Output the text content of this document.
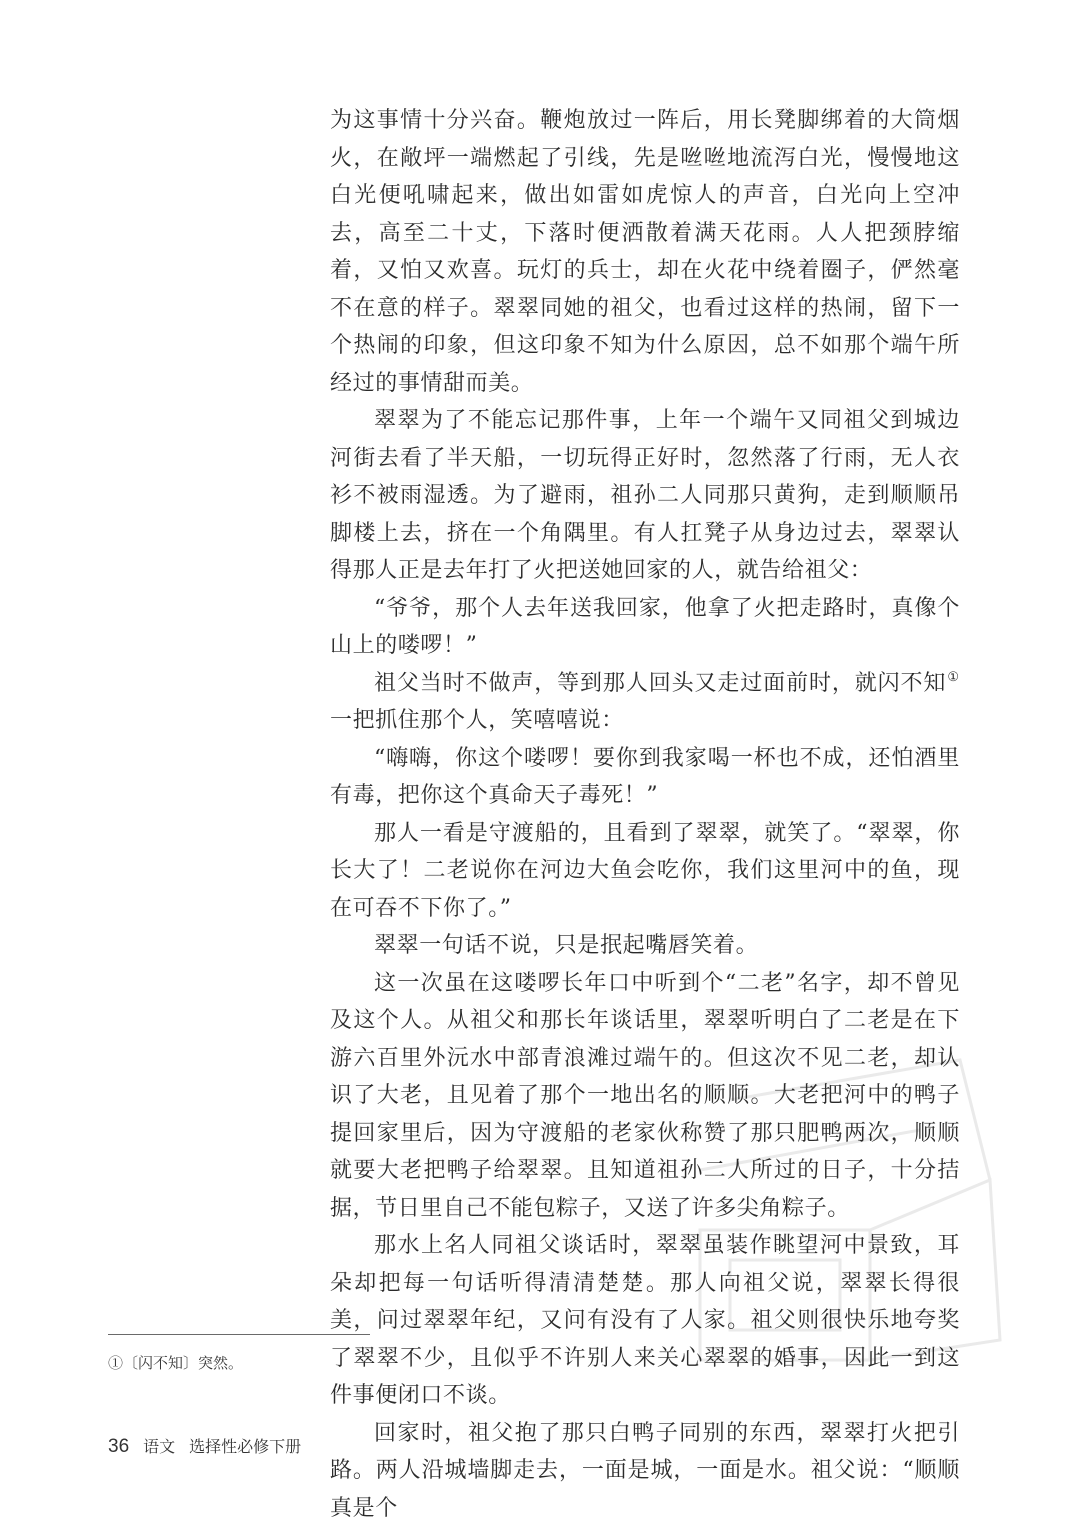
为这事情十分兴奋。鞭炮放过一阵后，用长凳脚绑着的大筒烟火，在敞坪一端燃起了引线，先是咝咝地流泻白光，慢慢地这白光便吼啸起来，做出如雷如虎惊人的声音，白光向上空冲去，高至二十丈，下落时便洒散着满天花雨。人人把颈脖缩着，又怕又欢喜。玩灯的兵士，却在火花中绕着圈子，俨然毫不在意的样子。翠翠同她的祖父，也看过这样的热闹，留下一个热闹的印象，但这印象不知为什么原因，总不如那个端午所经过的事情甜而美。

翠翠为了不能忘记那件事，上年一个端午又同祖父到城边河街去看了半天船，一切玩得正好时，忽然落了行雨，无人衣衫不被雨湿透。为了避雨，祖孙二人同那只黄狗，走到顺顺吊脚楼上去，挤在一个角隅里。有人扛凳子从身边过去，翠翠认得那人正是去年打了火把送她回家的人，就告给祖父：

“爷爷，那个人去年送我回家，他拿了火把走路时，真像个山上的喽啰！”

祖父当时不做声，等到那人回头又走过面前时，就闪不知①一把抓住那个人，笑嘻嘻说：

“嗨嗨，你这个喽啰！要你到我家喝一杯也不成，还怕酒里有毒，把你这个真命天子毒死！”

那人一看是守渡船的，且看到了翠翠，就笑了。“翠翠，你长大了！二老说你在河边大鱼会吃你，我们这里河中的鱼，现在可吞不下你了。”

翠翠一句话不说，只是抿起嘴唇笑着。

这一次虽在这喽啰长年口中听到个“二老”名字，却不曾见及这个人。从祖父和那长年谈话里，翠翠听明白了二老是在下游六百里外沅水中部青浪滩过端午的。但这次不见二老，却认识了大老，且见着了那个一地出名的顺顺。大老把河中的鸭子提回家里后，因为守渡船的老家伙称赞了那只肥鸭两次，顺顺就要大老把鸭子给翠翠。且知道祖孙二人所过的日子，十分拮据，节日里自己不能包粽子，又送了许多尖角粽子。

那水上名人同祖父谈话时，翠翠虽装作眺望河中景致，耳朵却把每一句话听得清清楚楚。那人向祖父说，翠翠长得很美，问过翠翠年纪，又问有没有了人家。祖父则很快乐地夸奖了翠翠不少，且似乎不许别人来关心翠翠的婚事，因此一到这件事便闭口不谈。

回家时，祖父抱了那只白鸭子同别的东西，翠翠打火把引路。两人沿城墙脚走去，一面是城，一面是水。祖父说：“顺顺真是个

①〔闪不知〕突然。
36 语文 选择性必修下册
